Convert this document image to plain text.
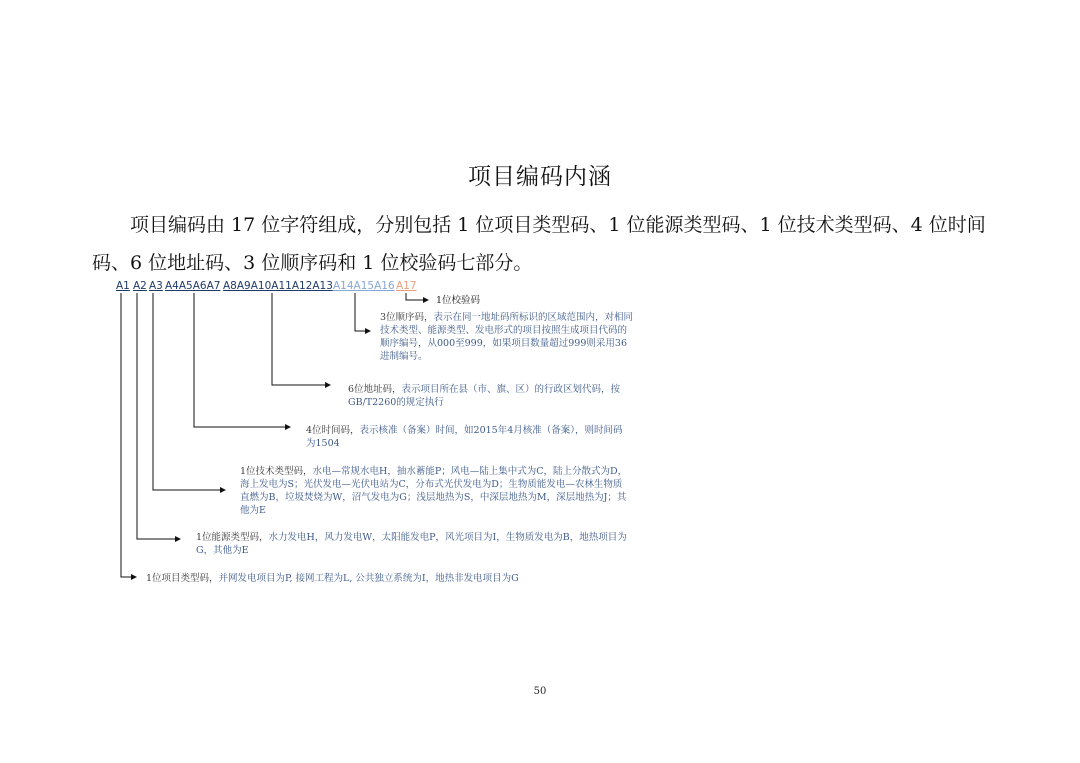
项目编码内涵
项目编码由 17 位字符组成，分别包括 1 位项目类型码、1 位能源类型码、1 位技术类型码、4 位时间码、6 位地址码、3 位顺序码和 1 位校验码七部分。
A1 A2 A3 A4A5A6A7 A8A9A10A11A12A13 A14A15A16 A17
1位校验码
3位顺序码，表示在同一地址码所标识的区域范围内，对相同技术类型、能源类型、发电形式的项目按照生成项目代码的顺序编号，从000至999，如果项目数量超过999则采用36进制编号。
6位地址码，表示项目所在县（市、旗、区）的行政区划代码，按GB/T2260的规定执行
4位时间码，表示核准（备案）时间，如2015年4月核准（备案），则时间码为1504
1位技术类型码，水电—常规水电H，抽水蓄能P；风电—陆上集中式为C，陆上分散式为D，海上发电为S；光伏发电—光伏电站为C，分布式光伏发电为D；生物质能发电—农林生物质直燃为B，垃圾焚烧为W，沼气发电为G；浅层地热为S，中深层地热为M，深层地热为J；其他为E
1位能源类型码，水力发电H，风力发电W，太阳能发电P，风光项目为I，生物质发电为B，地热项目为G，其他为E
1位项目类型码，并网发电项目为P, 接网工程为L, 公共独立系统为I，地热非发电项目为G
50
